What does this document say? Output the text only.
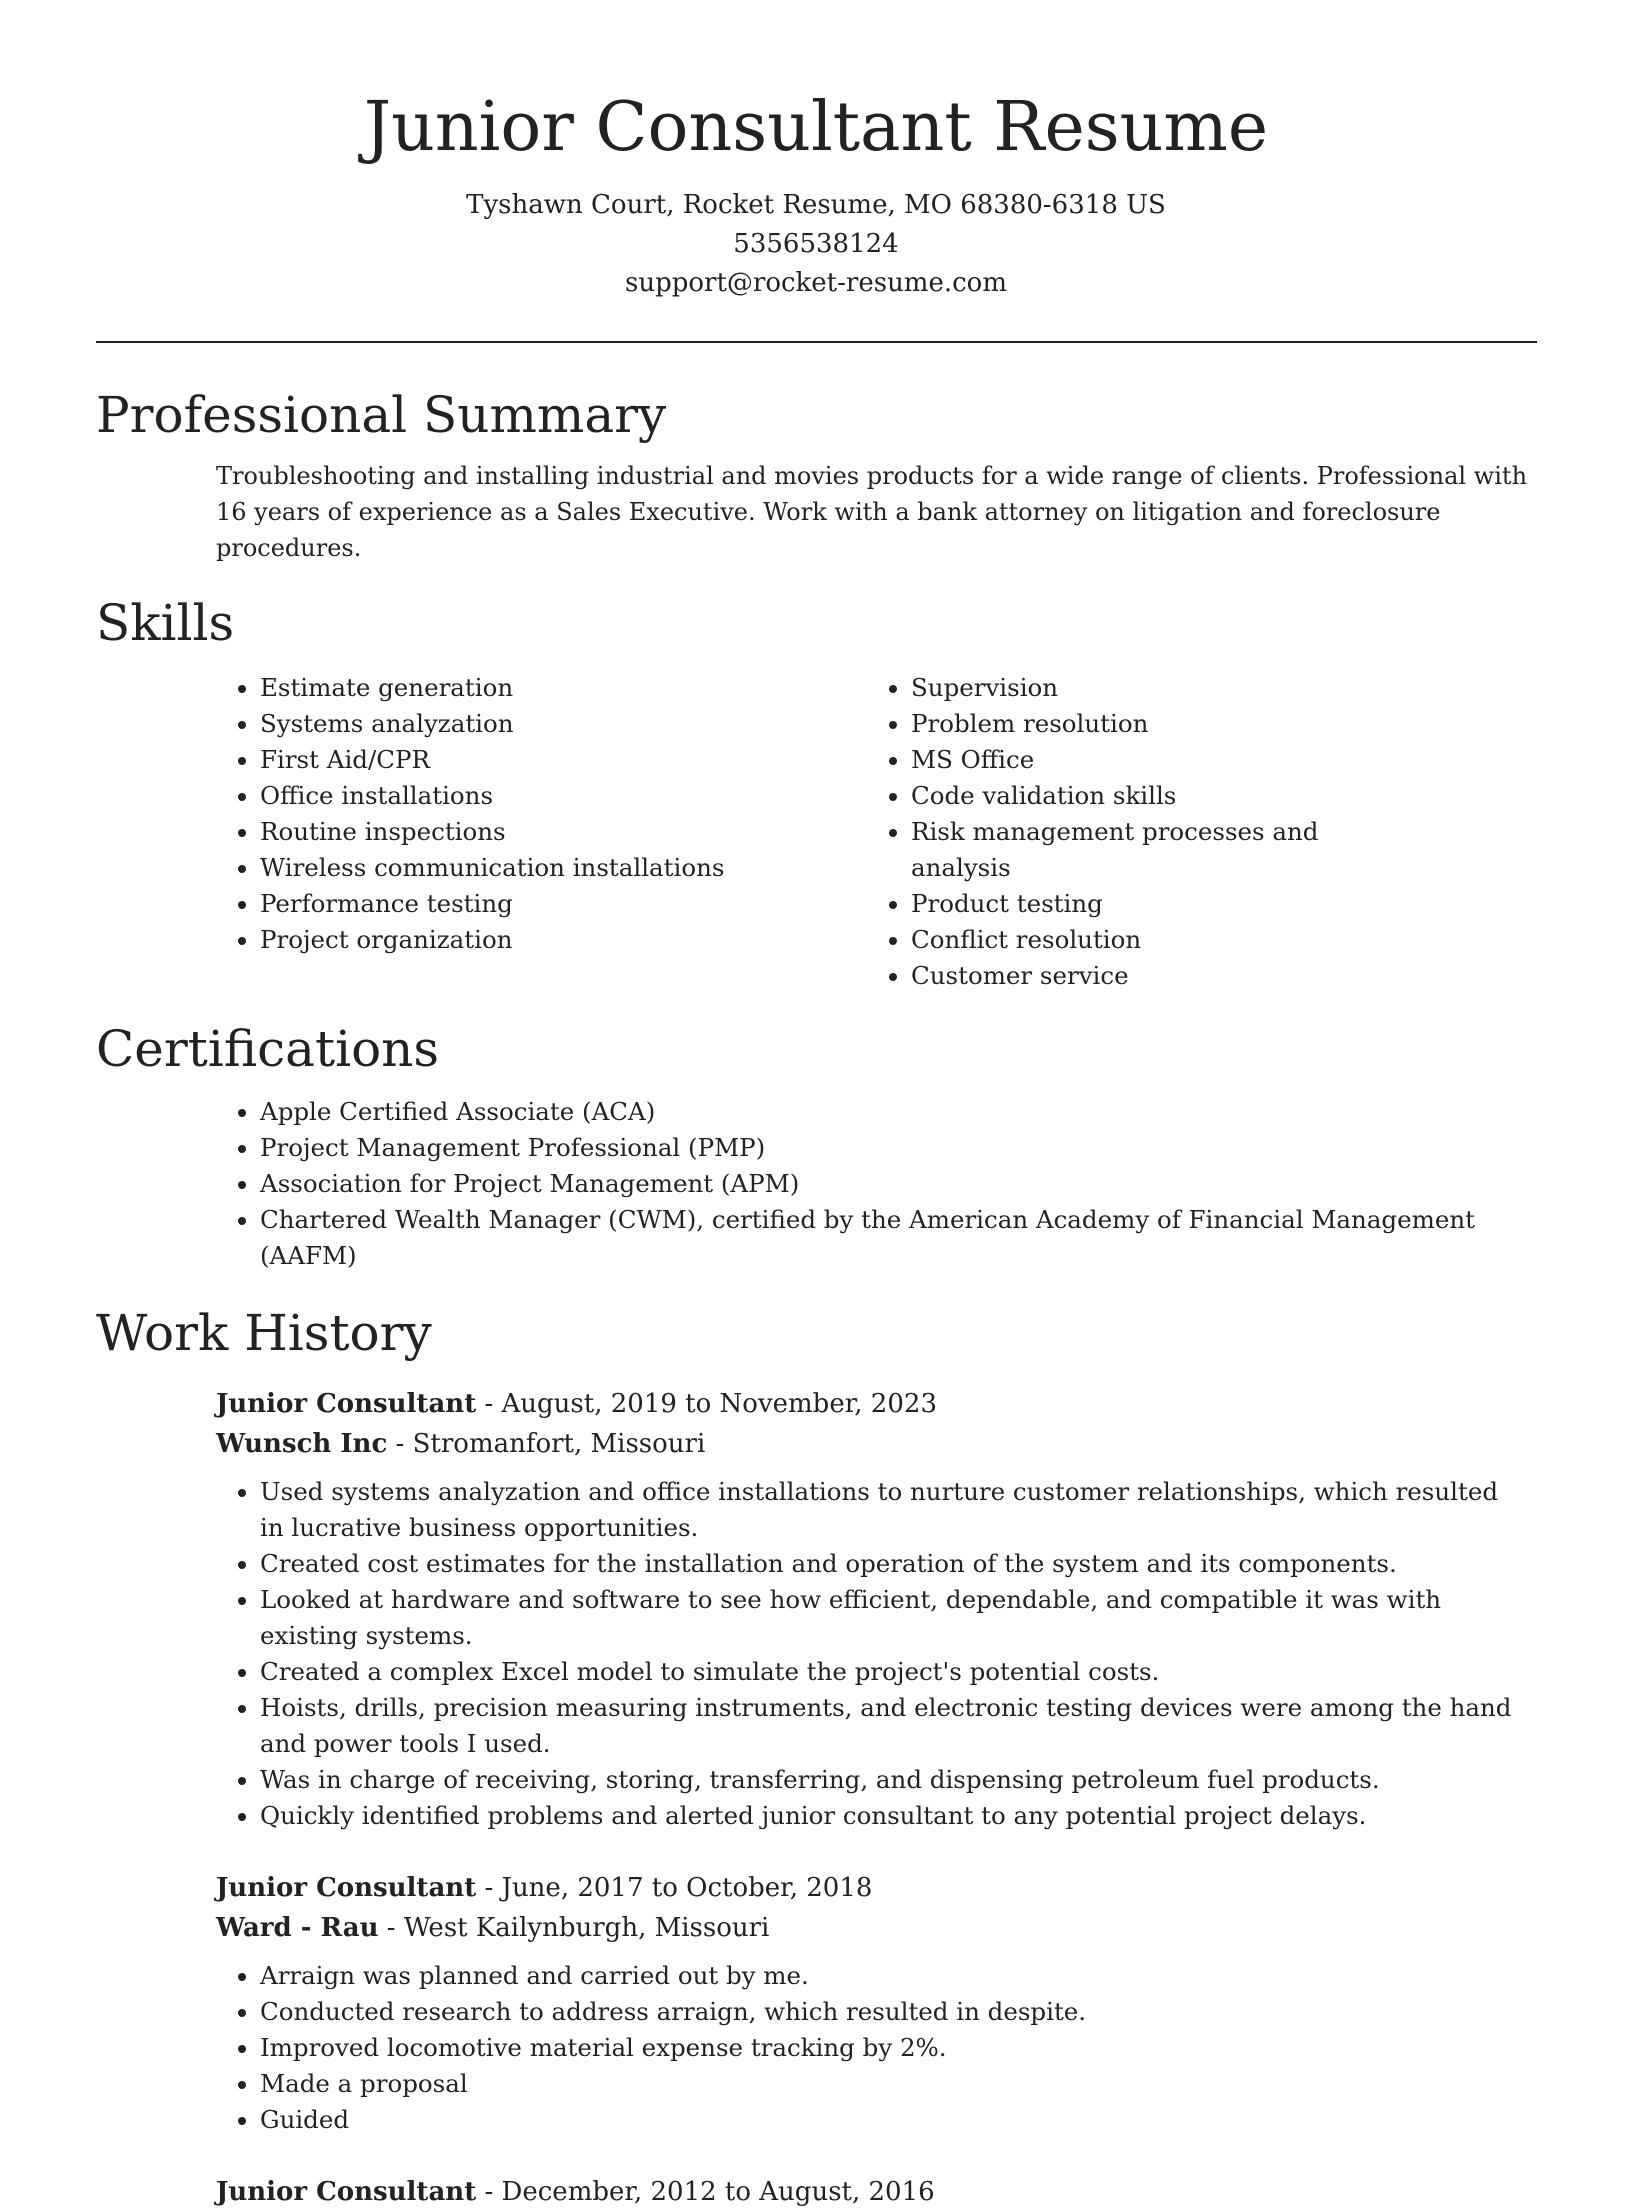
Junior Consultant Resume
Tyshawn Court, Rocket Resume, MO 68380-6318 US
5356538124
support@rocket-resume.com
Professional Summary

Troubleshooting and installing industrial and movies products for a wide range of clients. Professional with 16 years of experience as a Sales Executive. Work with a bank attorney on litigation and foreclosure procedures.

Skills
• Estimate generation
• Systems analyzation
• First Aid/CPR
• Office installations
• Routine inspections
• Wireless communication installations
• Performance testing
• Project organization
• Supervision
• Problem resolution
• MS Office
• Code validation skills
• Risk management processes and analysis
• Product testing
• Conflict resolution
• Customer service
Certifications
• Apple Certified Associate (ACA)
• Project Management Professional (PMP)
• Association for Project Management (APM)
• Chartered Wealth Manager (CWM), certified by the American Academy of Financial Management (AAFM)
Work History
Junior Consultant - August, 2019 to November, 2023
Wunsch Inc - Stromanfort, Missouri
• Used systems analyzation and office installations to nurture customer relationships, which resulted in lucrative business opportunities.
• Created cost estimates for the installation and operation of the system and its components.
• Looked at hardware and software to see how efficient, dependable, and compatible it was with existing systems.
• Created a complex Excel model to simulate the project's potential costs.
• Hoists, drills, precision measuring instruments, and electronic testing devices were among the hand and power tools I used.
• Was in charge of receiving, storing, transferring, and dispensing petroleum fuel products.
• Quickly identified problems and alerted junior consultant to any potential project delays.
Junior Consultant - June, 2017 to October, 2018
Ward - Rau - West Kailynburgh, Missouri
• Arraign was planned and carried out by me.
• Conducted research to address arraign, which resulted in despite.
• Improved locomotive material expense tracking by 2%.
• Made a proposal
• Guided
Junior Consultant - December, 2012 to August, 2016
